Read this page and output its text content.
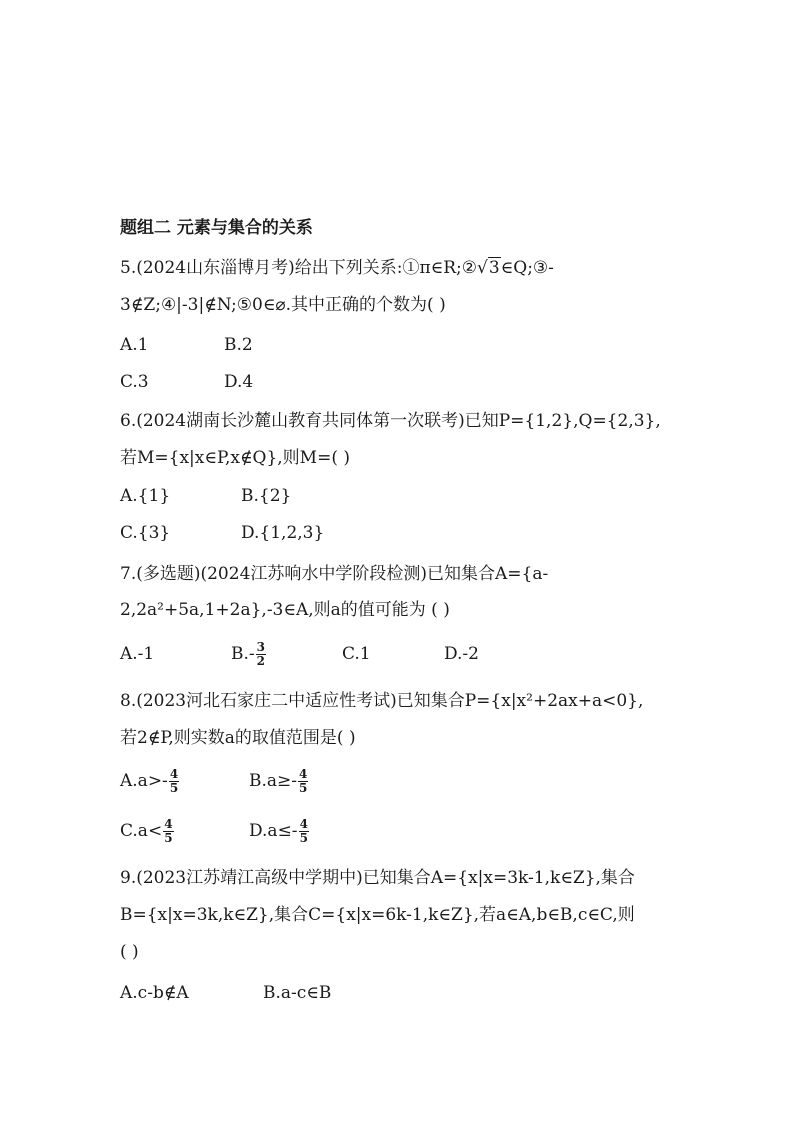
题组二 元素与集合的关系
5.(2024山东淄博月考)给出下列关系:①π∈R;②√3∈Q;③-
3∉Z;④|-3|∉N;⑤0∈⌀.其中正确的个数为( )
A.1	B.2
C.3	D.4
6.(2024湖南长沙麓山教育共同体第一次联考)已知P={1,2},Q={2,3},
若M={x|x∈P,x∉Q},则M=( )
A.{1}	B.{2}
C.{3}	D.{1,2,3}
7.(多选题)(2024江苏响水中学阶段检测)已知集合A={a-
2,2a²+5a,1+2a},-3∈A,则a的值可能为 ( )
A.-1	$B.- \frac{3}{2}$	C.1	D.-2
8.(2023河北石家庄二中适应性考试)已知集合P={x|x²+2ax+a<0},
若2∉P,则实数a的取值范围是( )
$A.a>- \frac{4}{5}$	$B.a\ge- \frac{4}{5}$
$C.a< \frac{4}{5}$	$D.a\le- \frac{4}{5}$
9.(2023江苏靖江高级中学期中)已知集合A={x|x=3k-1,k∈Z},集合
B={x|x=3k,k∈Z},集合C={x|x=6k-1,k∈Z},若a∈A,b∈B,c∈C,则
( )
A.c-b∉A	B.a-c∈B
